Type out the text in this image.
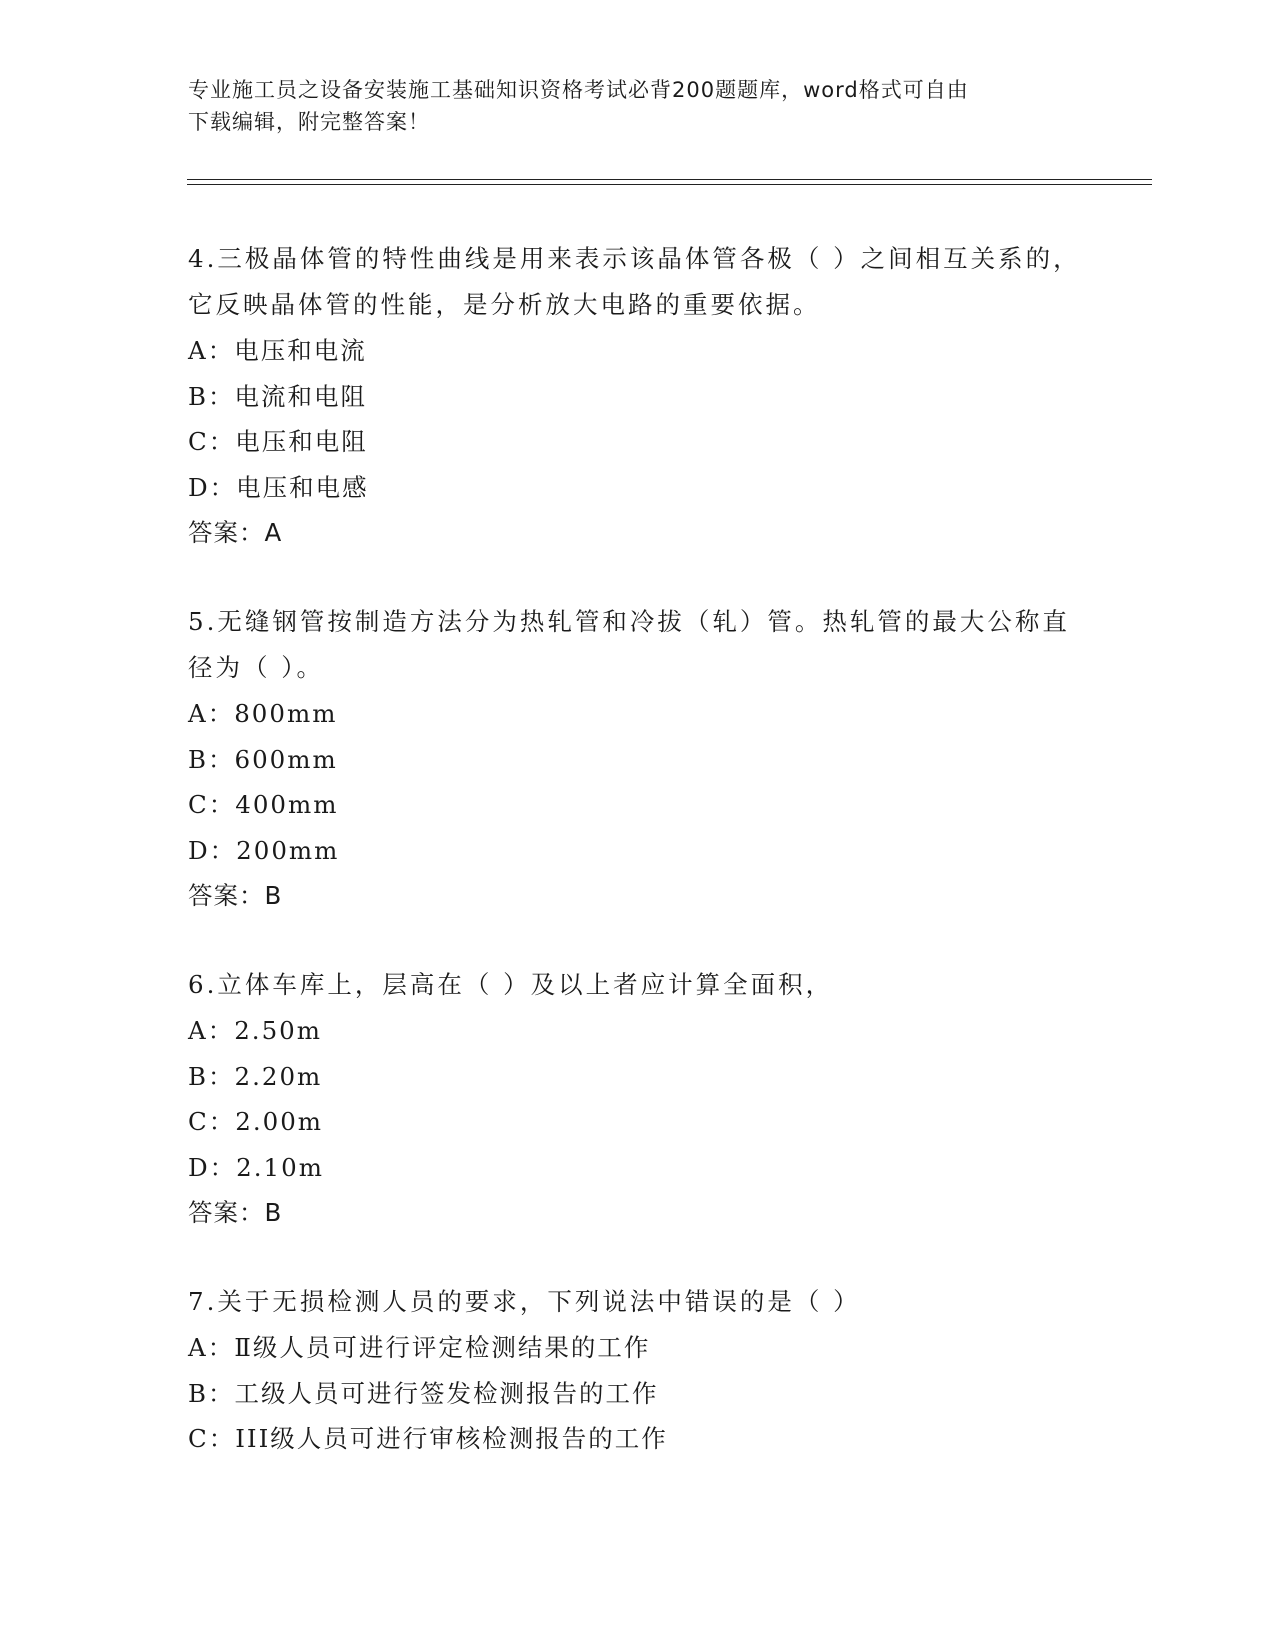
专业施工员之设备安装施工基础知识资格考试必背200题题库，word格式可自由
下载编辑，附完整答案！

4.三极晶体管的特性曲线是用来表示该晶体管各极（ ）之间相互关系的，它反映晶体管的性能，是分析放大电路的重要依据。

A：电压和电流

B：电流和电阻

C：电压和电阻

D：电压和电感

答案：A

5.无缝钢管按制造方法分为热轧管和冷拔（轧）管。热轧管的最大公称直径为（ ）。

A：800mm

B：600mm

C：400mm

D：200mm

答案：B

6.立体车库上，层高在（ ）及以上者应计算全面积，

A：2.50m

B：2.20m

C：2.00m

D：2.10m

答案：B

7.关于无损检测人员的要求，下列说法中错误的是（ ）

A：Ⅱ级人员可进行评定检测结果的工作

B：工级人员可进行签发检测报告的工作

C：III级人员可进行审核检测报告的工作
